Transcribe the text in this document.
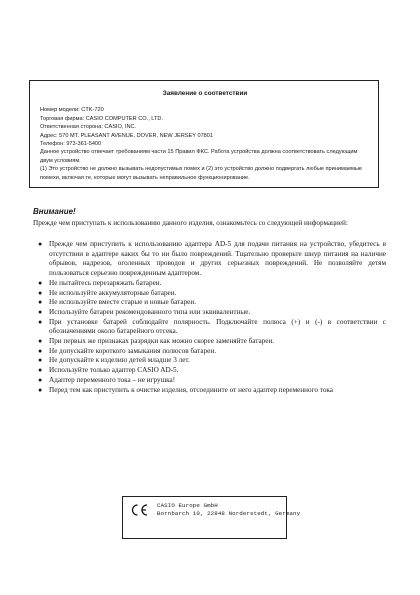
Заявление о соответствии
Номер модели: CTK-720
Торговая фирма: CASIO COMPUTER CO., LTD.
Ответственная сторона: CASIO, INC.
Адрес: 570 MT. PLEASANT AVENUE, DOVER, NEW JERSEY 07801
Телефон: 973-361-5400
Данное устройство отвечает требованиям части 15 Правил ФКС. Работа устройства должна соответствовать следующим двум условиям.
(1) Это устройство не должно вызывать недопустимых помех и (2) это устройство должно подвергать любые принимаемые помехи, включая те, которые могут вызывать неправильное функционирование.
Внимание!
Прежде чем приступать к использованию данного изделия, ознакомьтесь со следующей информацией:
● Прежде чем приступить к использованию адаптера AD-5 для подачи питания на устройство, убедитесь в отсутствии в адаптере каких бы то ни было повреждений. Тщательно проверьте шнур питания на наличие обрывов, надрезов, оголенных проводов и других серьезных повреждений. Не позволяйте детям пользоваться серьезно поврежденным адаптером.
● Не пытайтесь перезаряжать батареи.
● Не используйте аккумуляторные батареи.
● Не используйте вместе старые и новые батареи.
● Используйте батареи рекомендованного типа или эквивалентные.
● При установке батарей соблюдайте полярность. Подключайте полюса (+) и (-) в соответствии с обозначениями около батарейного отсека.
● При первых же признаках разрядки как можно скорее заменяйте батареи.
● Не допускайте короткого замыкания полюсов батареи.
● Не допускайте к изделию детей младше 3 лет.
● Используйте только адаптер CASIO AD-5.
● Адаптер переменного тока – не игрушка!
● Перед тем как приступить к очистке изделия, отсоедините от него адаптер переменного тока
CASIO Europe GmbH
Bornbarch 10, 22848 Norderstedt, Germany
